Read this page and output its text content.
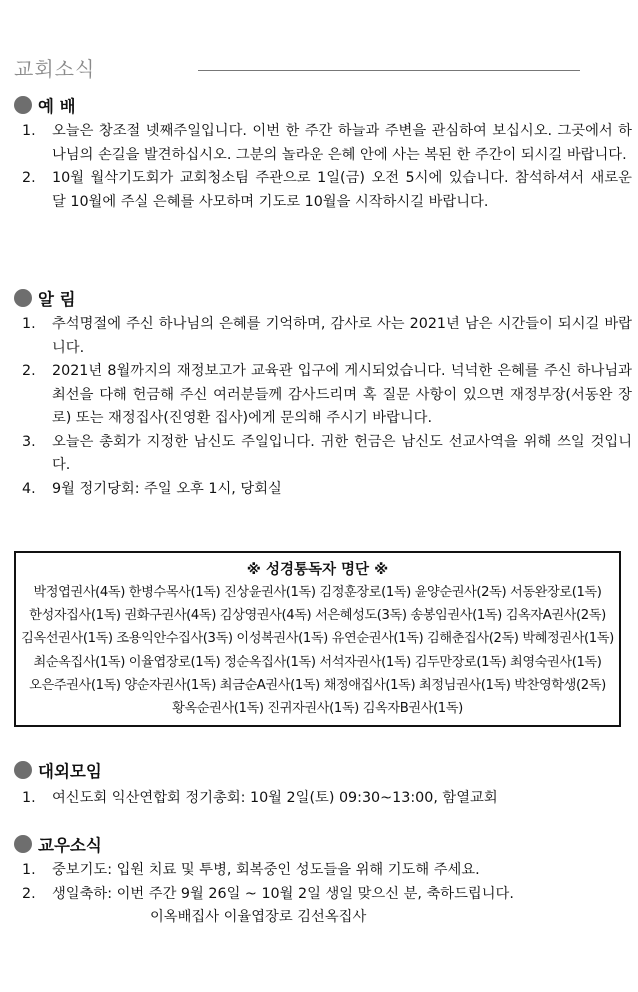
교회소식
예 배
1. 오늘은 창조절 넷째주일입니다. 이번 한 주간 하늘과 주변을 관심하여 보십시오. 그곳에서 하나님의 손길을 발견하십시오. 그분의 놀라운 은혜 안에 사는 복된 한 주간이 되시길 바랍니다.
2. 10월 월삭기도회가 교회청소팀 주관으로 1일(금) 오전 5시에 있습니다. 참석하셔서 새로운 달 10월에 주실 은혜를 사모하며 기도로 10월을 시작하시길 바랍니다.
알 림
1. 추석명절에 주신 하나님의 은혜를 기억하며, 감사로 사는 2021년 남은 시간들이 되시길 바랍니다.
2. 2021년 8월까지의 재정보고가 교육관 입구에 게시되었습니다. 넉넉한 은혜를 주신 하나님과 최선을 다해 헌금해 주신 여러분들께 감사드리며 혹 질문 사항이 있으면 재정부장(서동완 장로) 또는 재정집사(진영환 집사)에게 문의해 주시기 바랍니다.
3. 오늘은 총회가 지정한 남신도 주일입니다. 귀한 헌금은 남신도 선교사역을 위해 쓰일 것입니다.
4. 9월 정기당회: 주일 오후 1시, 당회실
※ 성경통독자 명단 ※
박정엽권사(4독) 한병수목사(1독) 진상윤권사(1독) 김정훈장로(1독) 윤양순권사(2독) 서동완장로(1독)
한성자집사(1독) 권화구권사(4독) 김상영권사(4독) 서은혜성도(3독) 송봉임권사(1독) 김옥자A권사(2독)
김옥선권사(1독) 조용익안수집사(3독) 이성복권사(1독) 유연순권사(1독) 김해춘집사(2독) 박혜정권사(1독)
최순옥집사(1독) 이율엽장로(1독) 정순옥집사(1독) 서석자권사(1독) 김두만장로(1독) 최영숙권사(1독)
오은주권사(1독) 양순자권사(1독) 최금순A권사(1독) 채정애집사(1독) 최정님권사(1독) 박찬영학생(2독)
황옥순권사(1독) 진귀자권사(1독) 김옥자B권사(1독)
대외모임
1. 여신도회 익산연합회 정기총회: 10월 2일(토) 09:30~13:00, 함열교회
교우소식
1. 중보기도: 입원 치료 및 투병, 회복중인 성도들을 위해 기도해 주세요.
2. 생일축하: 이번 주간 9월 26일 ~ 10월 2일 생일 맞으신 분, 축하드립니다.
이옥배집사 이율엽장로 김선옥집사
